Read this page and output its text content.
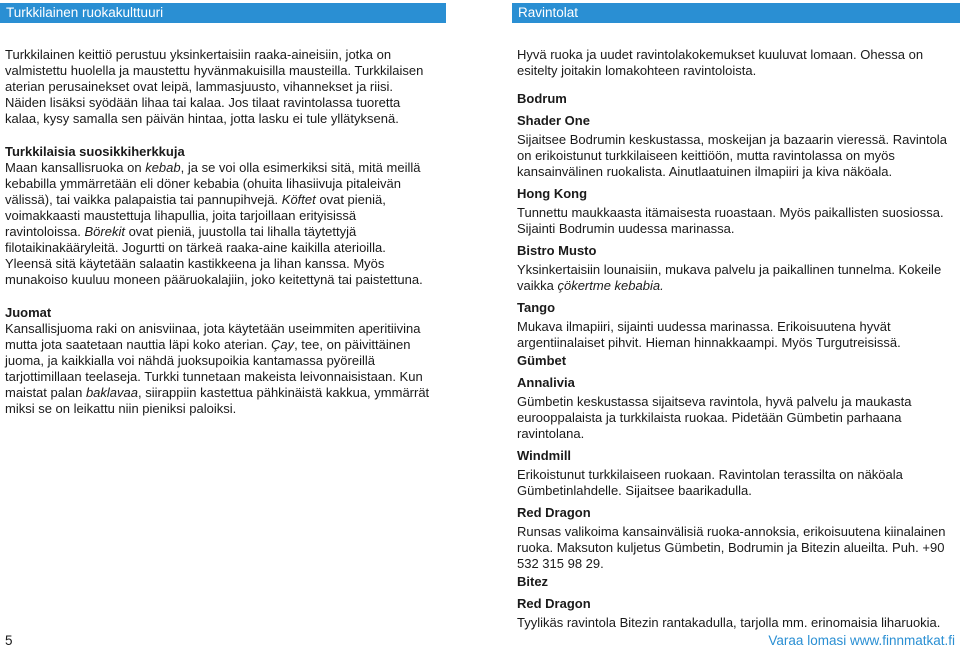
Turkkilainen ruokakulttuuri	Ravintolat

Turkkilainen keittiö perustuu yksinkertaisiin raaka-aineisiin, jotka on valmistettu huolella ja maustettu hyvänmakuisilla mausteilla. Turkkilaisen aterian perusainekset ovat leipä, lammasjuusto, vihannekset ja riisi. Näiden lisäksi syödään lihaa tai kalaa. Jos tilaat ravintolassa tuoretta kalaa, kysy samalla sen päivän hintaa, jotta lasku ei tule yllätyksenä.

Turkkilaisia suosikkiherkkuja

Maan kansallisruoka on kebab, ja se voi olla esimerkiksi sitä, mitä meillä kebabilla ymmärretään eli döner kebabia (ohuita lihasiivuja pitaleivän välissä), tai vaikka palapaistia tai pannupihvejä. Köftet ovat pieniä, voimakkaasti maustettuja lihapullia, joita tarjoillaan erityisissä ravintoloissa. Börekit ovat pieniä, juustolla tai lihalla täytettyjä filotaikinakääryleitä. Jogurtti on tärkeä raaka-aine kaikilla aterioilla. Yleensä sitä käytetään salaatin kastikkeena ja lihan kanssa. Myös munakoiso kuuluu moneen pääruokalajiin, joko keitettynä tai paistettuna.

Juomat

Kansallisjuoma raki on anisviinaa, jota käytetään useimmiten aperitiivina mutta jota saatetaan nauttia läpi koko aterian. Çay, tee, on päivittäinen juoma, ja kaikkialla voi nähdä juoksupoikia kantamassa pyöreillä tarjottimillaan teelaseja. Turkki tunnetaan makeista leivonnaisistaan. Kun maistat palan baklavaa, siirappiin kastettua pähkinäistä kakkua, ymmärrät miksi se on leikattu niin pieniksi paloiksi.

Hyvä ruoka ja uudet ravintolakokemukset kuuluvat lomaan. Ohessa on esitelty joitakin lomakohteen ravintoloista.

Bodrum

Shader One

Sijaitsee Bodrumin keskustassa, moskeijan ja bazaarin vieressä. Ravintola on erikoistunut turkkilaiseen keittiöön, mutta ravintolassa on myös kansainvälinen ruokalista. Ainutlaatuinen ilmapiiri ja kiva näköala.

Hong Kong

Tunnettu maukkaasta itämaisesta ruoastaan. Myös paikallisten suosiossa. Sijainti Bodrumin uudessa marinassa.

Bistro Musto

Yksinkertaisiin lounaisiin, mukava palvelu ja paikallinen tunnelma. Kokeile vaikka çökertme kebabia.

Tango

Mukava ilmapiiri, sijainti uudessa marinassa. Erikoisuutena hyvät argentiinalaiset pihvit. Hieman hinnakkaampi. Myös Turgutreisissä.

Gümbet

Annalivia

Gümbetin keskustassa sijaitseva ravintola, hyvä palvelu ja maukasta eurooppalaista ja turkkilaista ruokaa. Pidetään Gümbetin parhaana ravintolana.

Windmill

Erikoistunut turkkilaiseen ruokaan. Ravintolan terassilta on näköala Gümbetinlahdelle. Sijaitsee baarikadulla.

Red Dragon

Runsas valikoima kansainvälisiä ruoka-annoksia, erikoisuutena kiinalainen ruoka. Maksuton kuljetus Gümbetin, Bodrumin ja Bitezin alueilta. Puh. +90 532 315 98 29.

Bitez

Red Dragon

Tyylikäs ravintola Bitezin rantakadulla, tarjolla mm. erinomaisia liharuokia.

5	Varaa lomasi www.finnmatkat.fi
